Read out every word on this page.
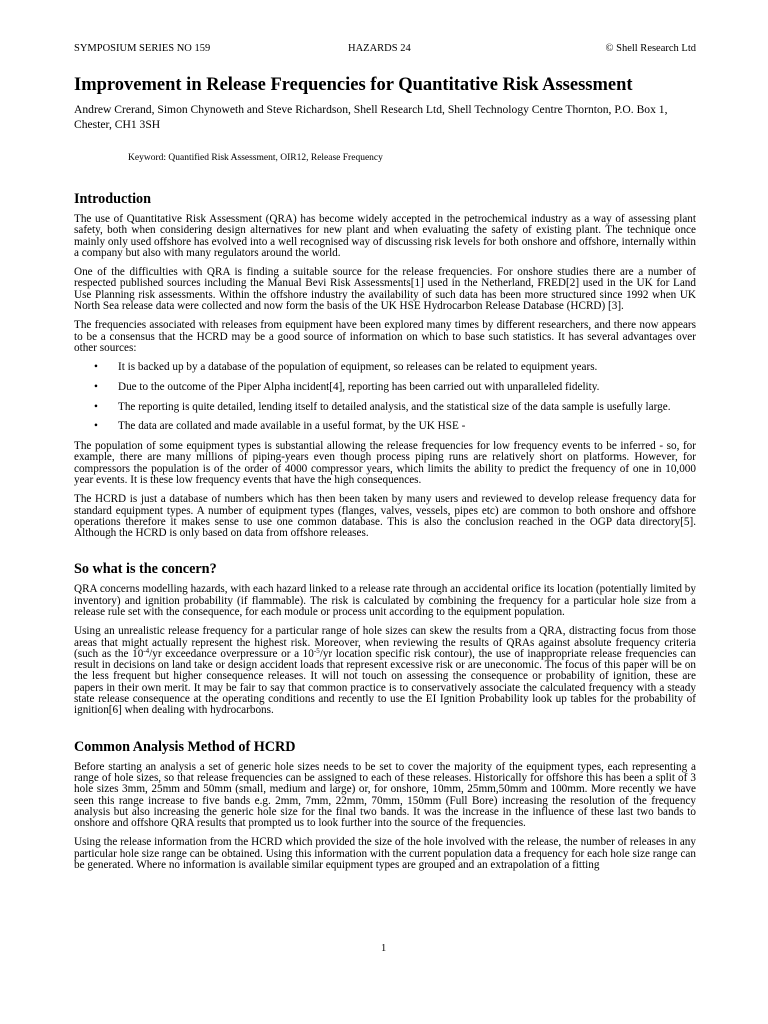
SYMPOSIUM SERIES NO 159	HAZARDS 24	© Shell Research Ltd
Improvement in Release Frequencies for Quantitative Risk Assessment
Andrew Crerand, Simon Chynoweth and Steve Richardson, Shell Research Ltd, Shell Technology Centre Thornton, P.O. Box 1, Chester, CH1 3SH
Keyword: Quantified Risk Assessment, OIR12, Release Frequency
Introduction

The use of Quantitative Risk Assessment (QRA) has become widely accepted in the petrochemical industry as a way of assessing plant safety, both when considering design alternatives for new plant and when evaluating the safety of existing plant. The technique once mainly only used offshore has evolved into a well recognised way of discussing risk levels for both onshore and offshore, internally within a company but also with many regulators around the world.

One of the difficulties with QRA is finding a suitable source for the release frequencies. For onshore studies there are a number of respected published sources including the Manual Bevi Risk Assessments[1] used in the Netherland, FRED[2] used in the UK for Land Use Planning risk assessments. Within the offshore industry the availability of such data has been more structured since 1992 when UK North Sea release data were collected and now form the basis of the UK HSE Hydrocarbon Release Database (HCRD) [3].

The frequencies associated with releases from equipment have been explored many times by different researchers, and there now appears to be a consensus that the HCRD may be a good source of information on which to base such statistics. It has several advantages over other sources:

• It is backed up by a database of the population of equipment, so releases can be related to equipment years.
• Due to the outcome of the Piper Alpha incident[4], reporting has been carried out with unparalleled fidelity.
• The reporting is quite detailed, lending itself to detailed analysis, and the statistical size of the data sample is usefully large.
• The data are collated and made available in a useful format, by the UK HSE -

The population of some equipment types is substantial allowing the release frequencies for low frequency events to be inferred - so, for example, there are many millions of piping-years even though process piping runs are relatively short on platforms. However, for compressors the population is of the order of 4000 compressor years, which limits the ability to predict the frequency of one in 10,000 year events. It is these low frequency events that have the high consequences.

The HCRD is just a database of numbers which has then been taken by many users and reviewed to develop release frequency data for standard equipment types. A number of equipment types (flanges, valves, vessels, pipes etc) are common to both onshore and offshore operations therefore it makes sense to use one common database. This is also the conclusion reached in the OGP data directory[5]. Although the HCRD is only based on data from offshore releases.

So what is the concern?

QRA concerns modelling hazards, with each hazard linked to a release rate through an accidental orifice its location (potentially limited by inventory) and ignition probability (if flammable). The risk is calculated by combining the frequency for a particular hole size from a release rule set with the consequence, for each module or process unit according to the equipment population.

Using an unrealistic release frequency for a particular range of hole sizes can skew the results from a QRA, distracting focus from those areas that might actually represent the highest risk. Moreover, when reviewing the results of QRAs against absolute frequency criteria (such as the $10^{-4}/yr$ exceedance overpressure or a $10^{-5}/yr$ location specific risk contour), the use of inappropriate release frequencies can result in decisions on land take or design accident loads that represent excessive risk or are uneconomic. The focus of this paper will be on the less frequent but higher consequence releases. It will not touch on assessing the consequence or probability of ignition, these are papers in their own merit. It may be fair to say that common practice is to conservatively associate the calculated frequency with a steady state release consequence at the operating conditions and recently to use the EI Ignition Probability look up tables for the probability of ignition[6] when dealing with hydrocarbons.

Common Analysis Method of HCRD

Before starting an analysis a set of generic hole sizes needs to be set to cover the majority of the equipment types, each representing a range of hole sizes, so that release frequencies can be assigned to each of these releases. Historically for offshore this has been a split of 3 hole sizes 3mm, 25mm and 50mm (small, medium and large) or, for onshore, 10mm, 25mm,50mm and 100mm. More recently we have seen this range increase to five bands e.g. 2mm, 7mm, 22mm, 70mm, 150mm (Full Bore) increasing the resolution of the frequency analysis but also increasing the generic hole size for the final two bands. It was the increase in the influence of these last two bands to onshore and offshore QRA results that prompted us to look further into the source of the frequencies.

Using the release information from the HCRD which provided the size of the hole involved with the release, the number of releases in any particular hole size range can be obtained. Using this information with the current population data a frequency for each hole size range can be generated. Where no information is available similar equipment types are grouped and an extrapolation of a fitting

1
